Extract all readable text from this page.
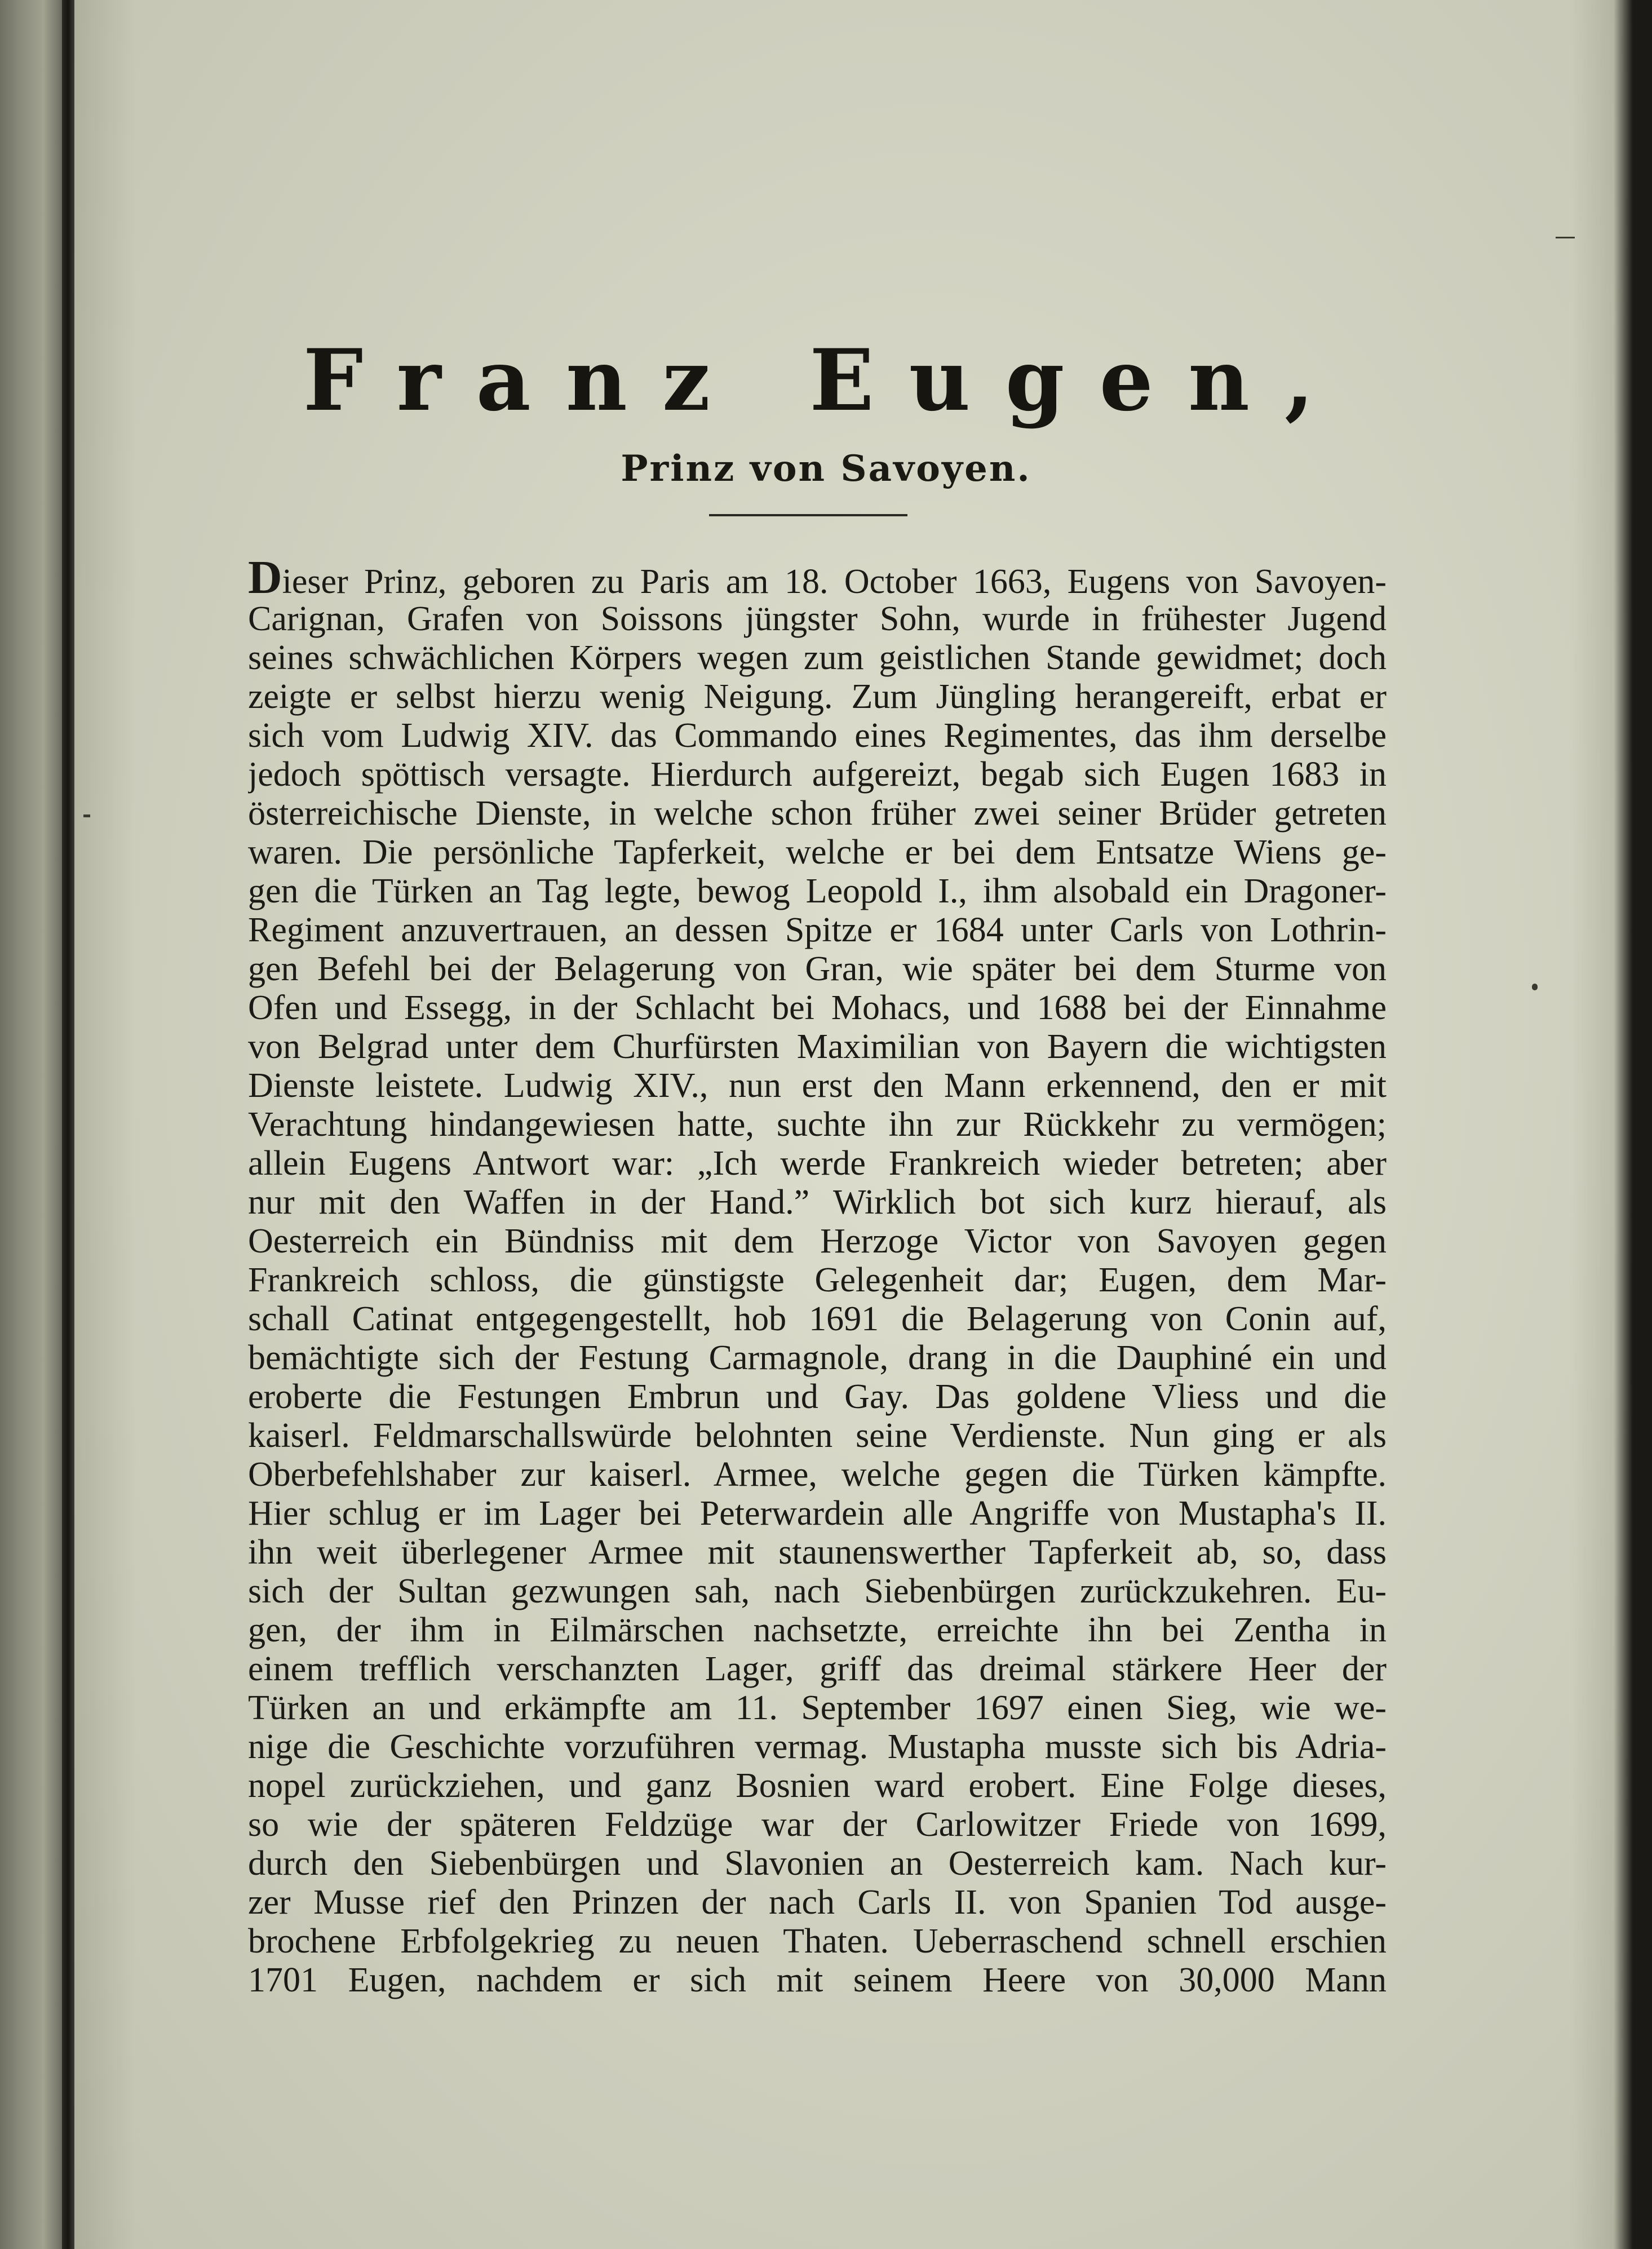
Franz Eugen,
Prinz von Savoyen.
Dieser Prinz, geboren zu Paris am 18. October 1663, Eugens von Savoyen-
Carignan, Grafen von Soissons jüngster Sohn, wurde in frühester Jugend
seines schwächlichen Körpers wegen zum geistlichen Stande gewidmet; doch
zeigte er selbst hierzu wenig Neigung. Zum Jüngling herangereift, erbat er
sich vom Ludwig XIV. das Commando eines Regimentes, das ihm derselbe
jedoch spöttisch versagte. Hierdurch aufgereizt, begab sich Eugen 1683 in
österreichische Dienste, in welche schon früher zwei seiner Brüder getreten
waren. Die persönliche Tapferkeit, welche er bei dem Entsatze Wiens ge-
gen die Türken an Tag legte, bewog Leopold I., ihm alsobald ein Dragoner-
Regiment anzuvertrauen, an dessen Spitze er 1684 unter Carls von Lothrin-
gen Befehl bei der Belagerung von Gran, wie später bei dem Sturme von
Ofen und Essegg, in der Schlacht bei Mohacs, und 1688 bei der Einnahme
von Belgrad unter dem Churfürsten Maximilian von Bayern die wichtigsten
Dienste leistete. Ludwig XIV., nun erst den Mann erkennend, den er mit
Verachtung hindangewiesen hatte, suchte ihn zur Rückkehr zu vermögen;
allein Eugens Antwort war: „Ich werde Frankreich wieder betreten; aber
nur mit den Waffen in der Hand.” Wirklich bot sich kurz hierauf, als
Oesterreich ein Bündniss mit dem Herzoge Victor von Savoyen gegen
Frankreich schloss, die günstigste Gelegenheit dar; Eugen, dem Mar-
schall Catinat entgegengestellt, hob 1691 die Belagerung von Conin auf,
bemächtigte sich der Festung Carmagnole, drang in die Dauphiné ein und
eroberte die Festungen Embrun und Gay. Das goldene Vliess und die
kaiserl. Feldmarschallswürde belohnten seine Verdienste. Nun ging er als
Oberbefehlshaber zur kaiserl. Armee, welche gegen die Türken kämpfte.
Hier schlug er im Lager bei Peterwardein alle Angriffe von Mustapha's II.
ihn weit überlegener Armee mit staunenswerther Tapferkeit ab, so, dass
sich der Sultan gezwungen sah, nach Siebenbürgen zurückzukehren. Eu-
gen, der ihm in Eilmärschen nachsetzte, erreichte ihn bei Zentha in
einem trefflich verschanzten Lager, griff das dreimal stärkere Heer der
Türken an und erkämpfte am 11. September 1697 einen Sieg, wie we-
nige die Geschichte vorzuführen vermag. Mustapha musste sich bis Adria-
nopel zurückziehen, und ganz Bosnien ward erobert. Eine Folge dieses,
so wie der späteren Feldzüge war der Carlowitzer Friede von 1699,
durch den Siebenbürgen und Slavonien an Oesterreich kam. Nach kur-
zer Musse rief den Prinzen der nach Carls II. von Spanien Tod ausge-
brochene Erbfolgekrieg zu neuen Thaten. Ueberraschend schnell erschien
1701 Eugen, nachdem er sich mit seinem Heere von 30,000 Mann
